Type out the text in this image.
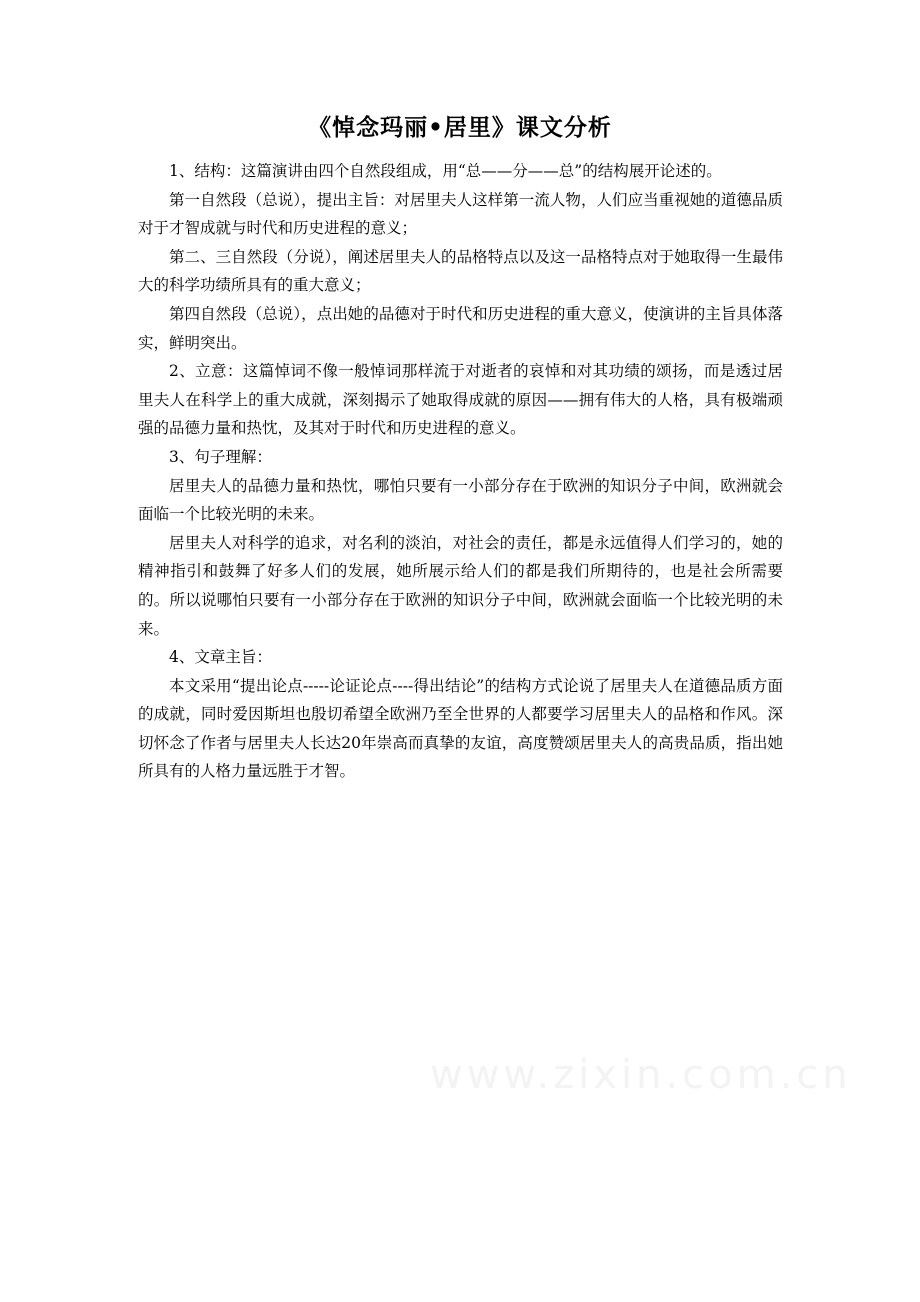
《悼念玛丽•居里》课文分析

1、结构：这篇演讲由四个自然段组成，用“总——分——总”的结构展开论述的。

第一自然段（总说），提出主旨：对居里夫人这样第一流人物，人们应当重视她的道德品质对于才智成就与时代和历史进程的意义；

第二、三自然段（分说），阐述居里夫人的品格特点以及这一品格特点对于她取得一生最伟大的科学功绩所具有的重大意义；

第四自然段（总说），点出她的品德对于时代和历史进程的重大意义，使演讲的主旨具体落实，鲜明突出。

2、立意：这篇悼词不像一般悼词那样流于对逝者的哀悼和对其功绩的颂扬，而是透过居里夫人在科学上的重大成就，深刻揭示了她取得成就的原因——拥有伟大的人格，具有极端顽强的品德力量和热忱，及其对于时代和历史进程的意义。

3、句子理解：

居里夫人的品德力量和热忱，哪怕只要有一小部分存在于欧洲的知识分子中间，欧洲就会面临一个比较光明的未来。

居里夫人对科学的追求，对名利的淡泊，对社会的责任，都是永远值得人们学习的，她的精神指引和鼓舞了好多人们的发展，她所展示给人们的都是我们所期待的，也是社会所需要的。所以说哪怕只要有一小部分存在于欧洲的知识分子中间，欧洲就会面临一个比较光明的未来。

4、文章主旨：

本文采用“提出论点-----论证论点----得出结论”的结构方式论说了居里夫人在道德品质方面的成就，同时爱因斯坦也殷切希望全欧洲乃至全世界的人都要学习居里夫人的品格和作风。深切怀念了作者与居里夫人长达20年崇高而真挚的友谊，高度赞颂居里夫人的高贵品质，指出她所具有的人格力量远胜于才智。

www.zixin.com.cn
